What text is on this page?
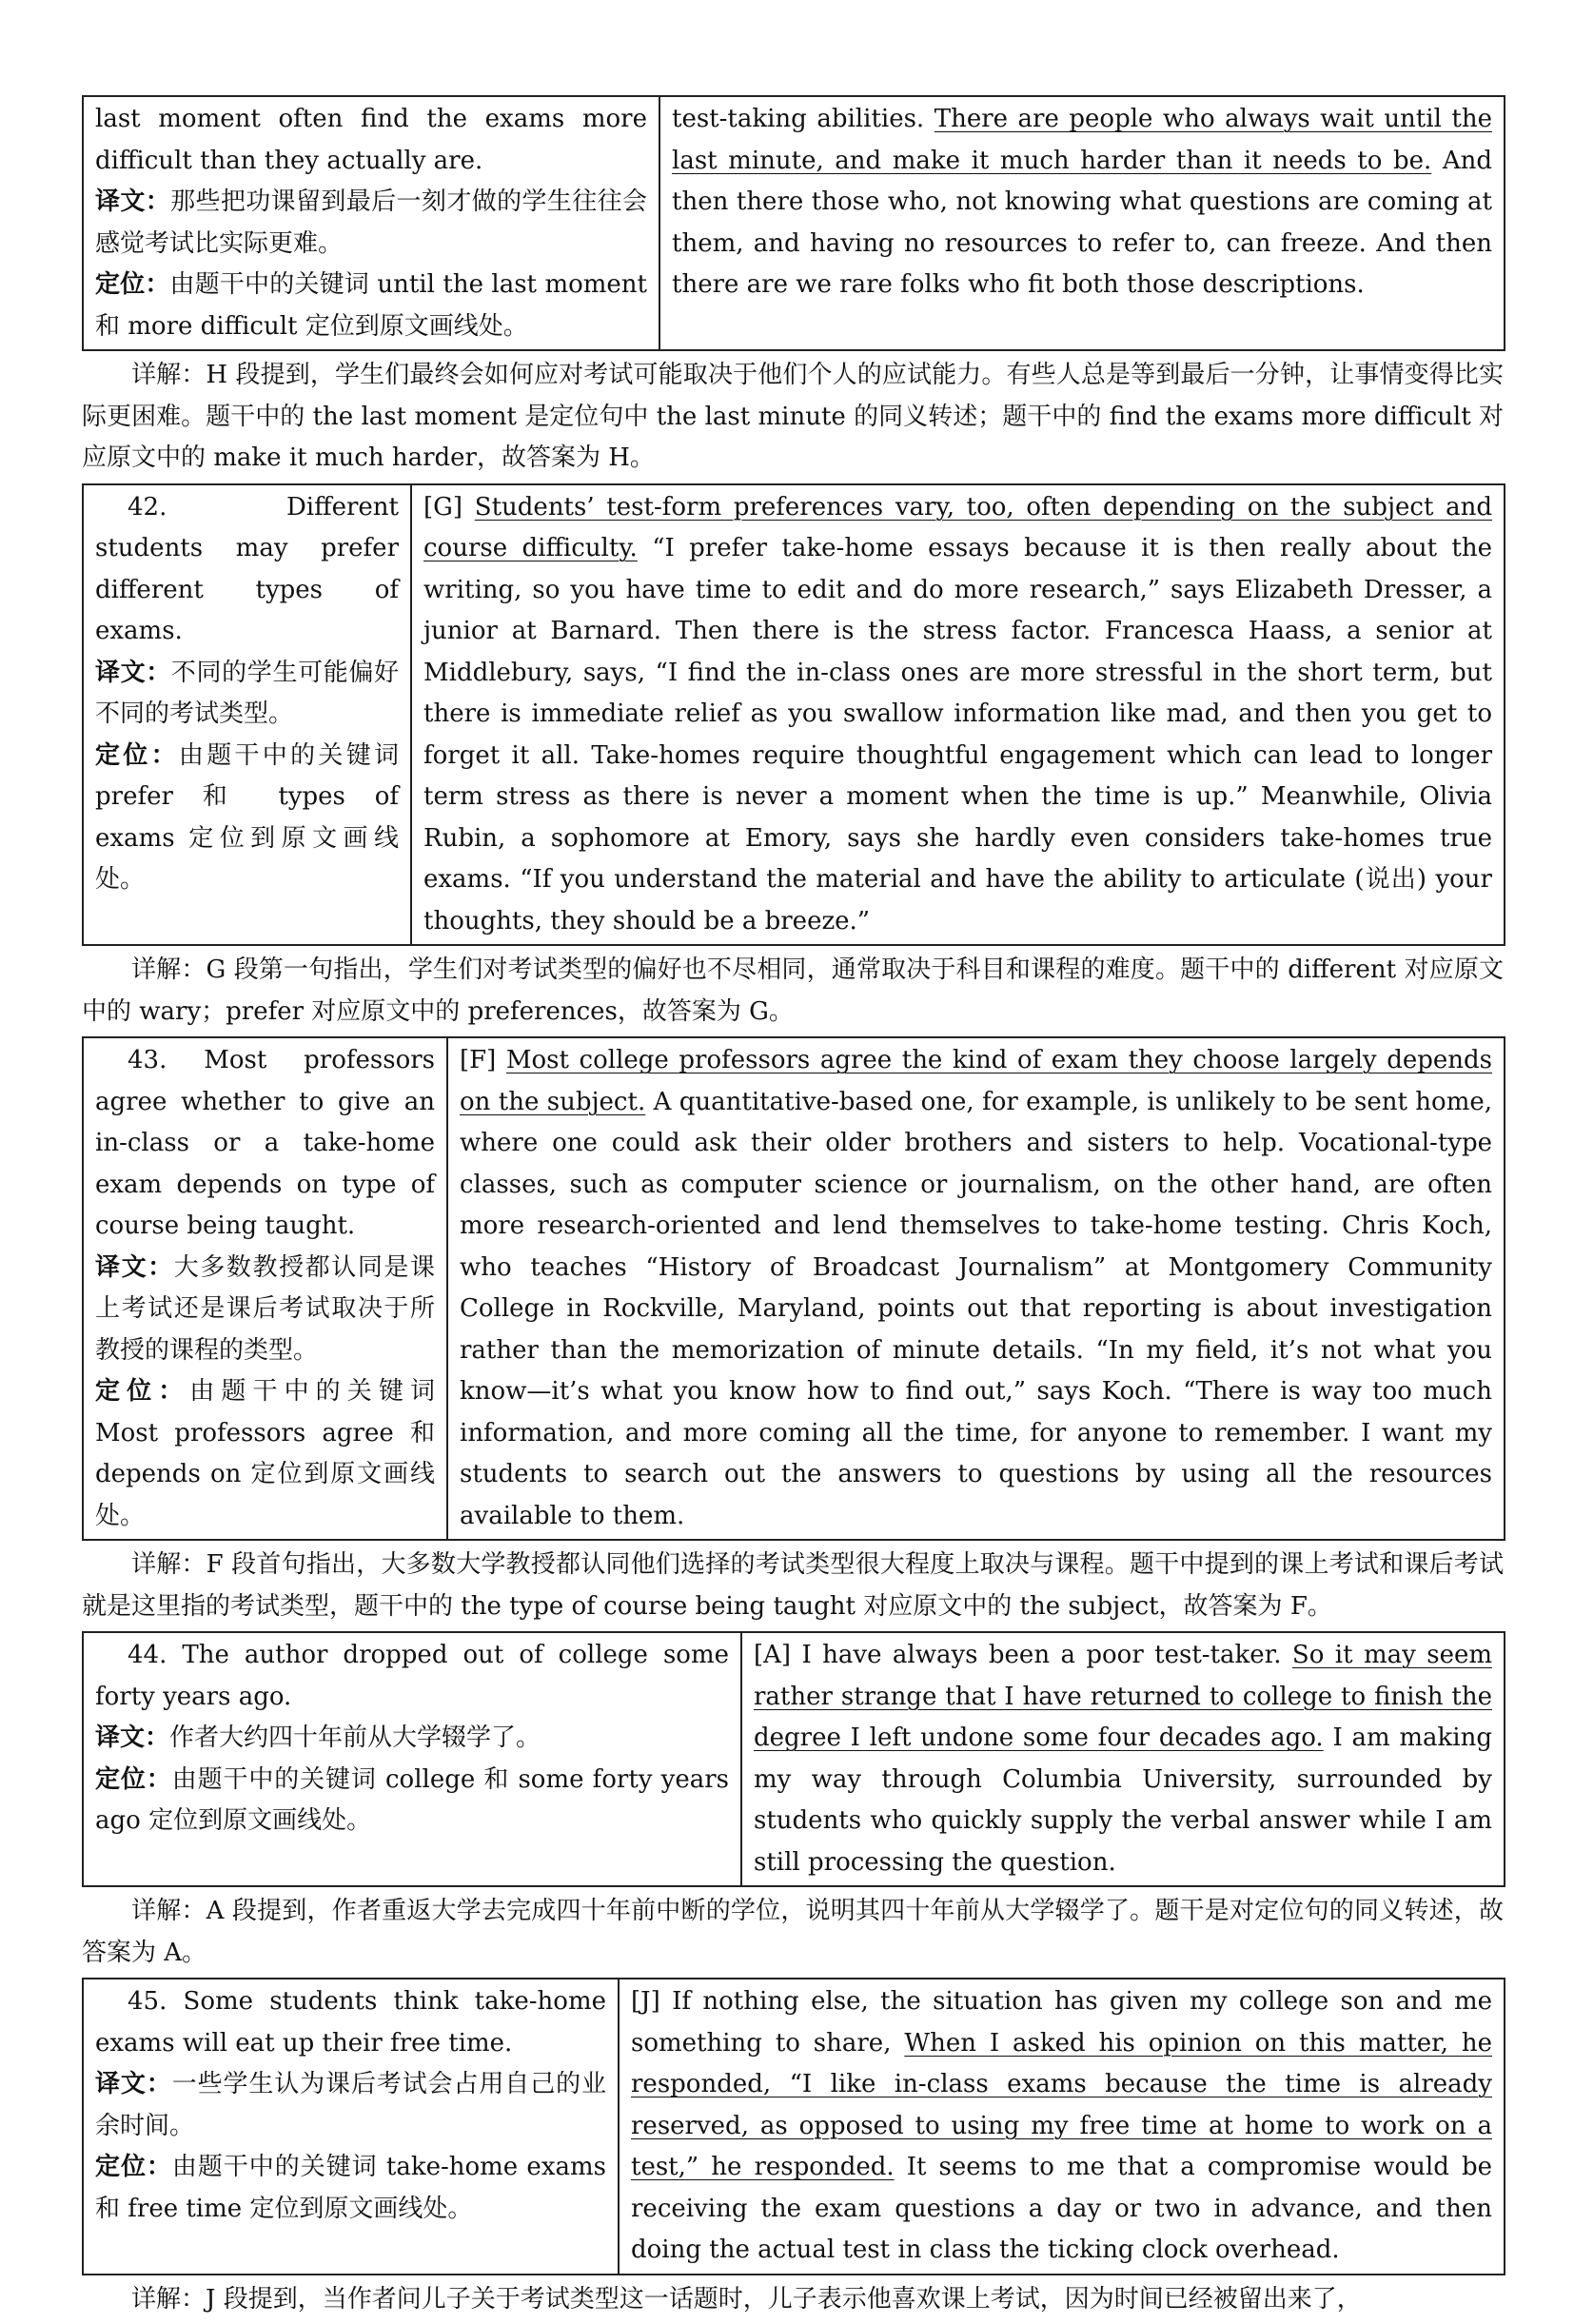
last moment often find the exams more difficult than they actually are.
译文：那些把功课留到最后一刻才做的学生往往会感觉考试比实际更难。
定位：由题干中的关键词 until the last moment 和 more difficult 定位到原文画线处。
	test-taking abilities. There are people who always wait until the last minute, and make it much harder than it needs to be. And then there those who, not knowing what questions are coming at them, and having no resources to refer to, can freeze. And then there are we rare folks who fit both those descriptions.

详解：H 段提到，学生们最终会如何应对考试可能取决于他们个人的应试能力。有些人总是等到最后一分钟，让事情变得比实际更困难。题干中的 the last moment 是定位句中 the last minute 的同义转述；题干中的 find the exams more difficult 对应原文中的 make it much harder，故答案为 H。

42. Different students may prefer different types of exams.
译文：不同的学生可能偏好不同的考试类型。
定位：由题干中的关键词 prefer 和 types of exams 定位到原文画线处。
	[G] Students’ test-form preferences vary, too, often depending on the subject and course difficulty. “I prefer take-home essays because it is then really about the writing, so you have time to edit and do more research,” says Elizabeth Dresser, a junior at Barnard. Then there is the stress factor. Francesca Haass, a senior at Middlebury, says, “I find the in-class ones are more stressful in the short term, but there is immediate relief as you swallow information like mad, and then you get to forget it all. Take-homes require thoughtful engagement which can lead to longer term stress as there is never a moment when the time is up.” Meanwhile, Olivia Rubin, a sophomore at Emory, says she hardly even considers take-homes true exams. “If you understand the material and have the ability to articulate (说出) your thoughts, they should be a breeze.”

详解：G 段第一句指出，学生们对考试类型的偏好也不尽相同，通常取决于科目和课程的难度。题干中的 different 对应原文中的 wary；prefer 对应原文中的 preferences，故答案为 G。

43. Most professors agree whether to give an in-class or a take-home exam depends on type of course being taught.
译文：大多数教授都认同是课上考试还是课后考试取决于所教授的课程的类型。
定位：由题干中的关键词 Most professors agree 和 depends on 定位到原文画线处。
	[F] Most college professors agree the kind of exam they choose largely depends on the subject. A quantitative-based one, for example, is unlikely to be sent home, where one could ask their older brothers and sisters to help. Vocational-type classes, such as computer science or journalism, on the other hand, are often more research-oriented and lend themselves to take-home testing. Chris Koch, who teaches “History of Broadcast Journalism” at Montgomery Community College in Rockville, Maryland, points out that reporting is about investigation rather than the memorization of minute details. “In my field, it’s not what you know—it’s what you know how to find out,” says Koch. “There is way too much information, and more coming all the time, for anyone to remember. I want my students to search out the answers to questions by using all the resources available to them.

详解：F 段首句指出，大多数大学教授都认同他们选择的考试类型很大程度上取决与课程。题干中提到的课上考试和课后考试就是这里指的考试类型，题干中的 the type of course being taught 对应原文中的 the subject，故答案为 F。

44. The author dropped out of college some forty years ago.
译文：作者大约四十年前从大学辍学了。
定位：由题干中的关键词 college 和 some forty years ago 定位到原文画线处。
	[A] I have always been a poor test-taker. So it may seem rather strange that I have returned to college to finish the degree I left undone some four decades ago. I am making my way through Columbia University, surrounded by students who quickly supply the verbal answer while I am still processing the question.

详解：A 段提到，作者重返大学去完成四十年前中断的学位，说明其四十年前从大学辍学了。题干是对定位句的同义转述，故答案为 A。

45. Some students think take-home exams will eat up their free time.
译文：一些学生认为课后考试会占用自己的业余时间。
定位：由题干中的关键词 take-home exams 和 free time 定位到原文画线处。
	[J] If nothing else, the situation has given my college son and me something to share, When I asked his opinion on this matter, he responded, “I like in-class exams because the time is already reserved, as opposed to using my free time at home to work on a test,” he responded. It seems to me that a compromise would be receiving the exam questions a day or two in advance, and then doing the actual test in class the ticking clock overhead.

详解：J 段提到，当作者问儿子关于考试类型这一话题时，儿子表示他喜欢课上考试，因为时间已经被留出来了，
